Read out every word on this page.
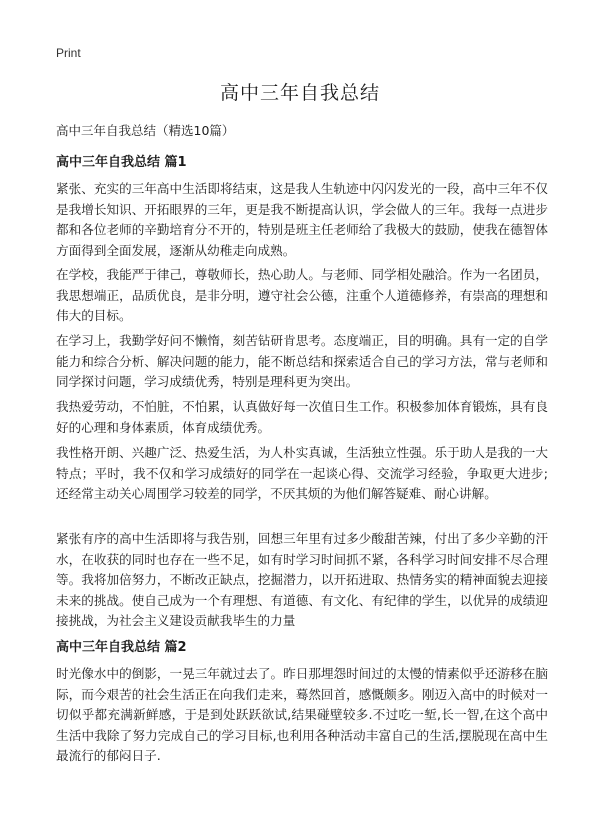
Print
高中三年自我总结

高中三年自我总结（精选10篇）

高中三年自我总结 篇1

紧张、充实的三年高中生活即将结束，这是我人生轨迹中闪闪发光的一段，高中三年不仅是我增长知识、开拓眼界的三年，更是我不断提高认识，学会做人的三年。我每一点进步都和各位老师的辛勤培育分不开的，特别是班主任老师给了我极大的鼓励，使我在德智体方面得到全面发展，逐渐从幼稚走向成熟。

在学校，我能严于律己，尊敬师长，热心助人。与老师、同学相处融洽。作为一名团员，我思想端正，品质优良，是非分明，遵守社会公德，注重个人道德修养，有崇高的理想和伟大的目标。

在学习上，我勤学好问不懒惰，刻苦钻研肯思考。态度端正，目的明确。具有一定的自学能力和综合分析、解决问题的能力，能不断总结和探索适合自己的学习方法，常与老师和同学探讨问题，学习成绩优秀，特别是理科更为突出。

我热爱劳动，不怕脏，不怕累，认真做好每一次值日生工作。积极参加体育锻炼，具有良好的心理和身体素质，体育成绩优秀。

我性格开朗、兴趣广泛、热爱生活，为人朴实真诚，生活独立性强。乐于助人是我的一大特点；平时，我不仅和学习成绩好的同学在一起谈心得、交流学习经验，争取更大进步;还经常主动关心周围学习较差的同学，不厌其烦的为他们解答疑难、耐心讲解。

紧张有序的高中生活即将与我告别，回想三年里有过多少酸甜苦辣，付出了多少辛勤的汗水，在收获的同时也存在一些不足，如有时学习时间抓不紧，各科学习时间安排不尽合理等。我将加倍努力，不断改正缺点，挖掘潜力，以开拓进取、热情务实的精神面貌去迎接未来的挑战。使自己成为一个有理想、有道德、有文化、有纪律的学生，以优异的成绩迎接挑战，为社会主义建设贡献我毕生的力量

高中三年自我总结 篇2

时光像水中的倒影，一晃三年就过去了。昨日那埋怨时间过的太慢的情素似乎还游移在脑际，而今艰苦的社会生活正在向我们走来，蓦然回首，感慨颇多。刚迈入高中的时候对一切似乎都充满新鲜感，于是到处跃跃欲试,结果碰壁较多.不过吃一堑,长一智,在这个高中生活中我除了努力完成自己的学习目标,也利用各种活动丰富自己的生活,摆脱现在高中生最流行的郁闷日子.
